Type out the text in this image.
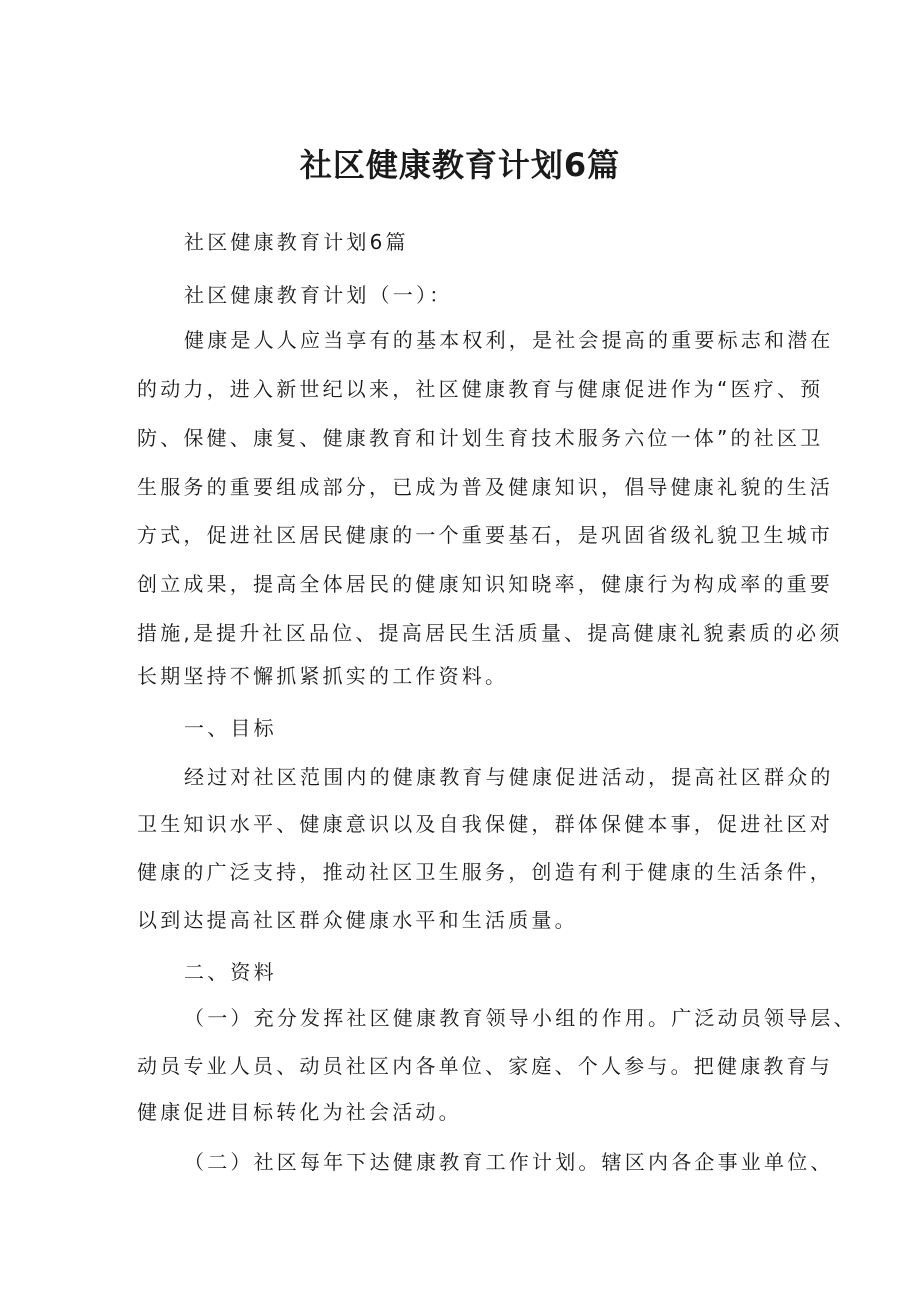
社区健康教育计划6篇
社区健康教育计划6篇
社区健康教育计划（一）：
健康是人人应当享有的基本权利，是社会提高的重要标志和潜在
的动力，进入新世纪以来，社区健康教育与健康促进作为“医疗、预
防、保健、康复、健康教育和计划生育技术服务六位一体”的社区卫
生服务的重要组成部分，已成为普及健康知识，倡导健康礼貌的生活
方式，促进社区居民健康的一个重要基石，是巩固省级礼貌卫生城市
创立成果，提高全体居民的健康知识知晓率，健康行为构成率的重要
措施,是提升社区品位、提高居民生活质量、提高健康礼貌素质的必须
长期坚持不懈抓紧抓实的工作资料。
一、目标
经过对社区范围内的健康教育与健康促进活动，提高社区群众的
卫生知识水平、健康意识以及自我保健，群体保健本事，促进社区对
健康的广泛支持，推动社区卫生服务，创造有利于健康的生活条件，
以到达提高社区群众健康水平和生活质量。
二、资料
（一）充分发挥社区健康教育领导小组的作用。广泛动员领导层、
动员专业人员、动员社区内各单位、家庭、个人参与。把健康教育与
健康促进目标转化为社会活动。
（二）社区每年下达健康教育工作计划。辖区内各企事业单位、
